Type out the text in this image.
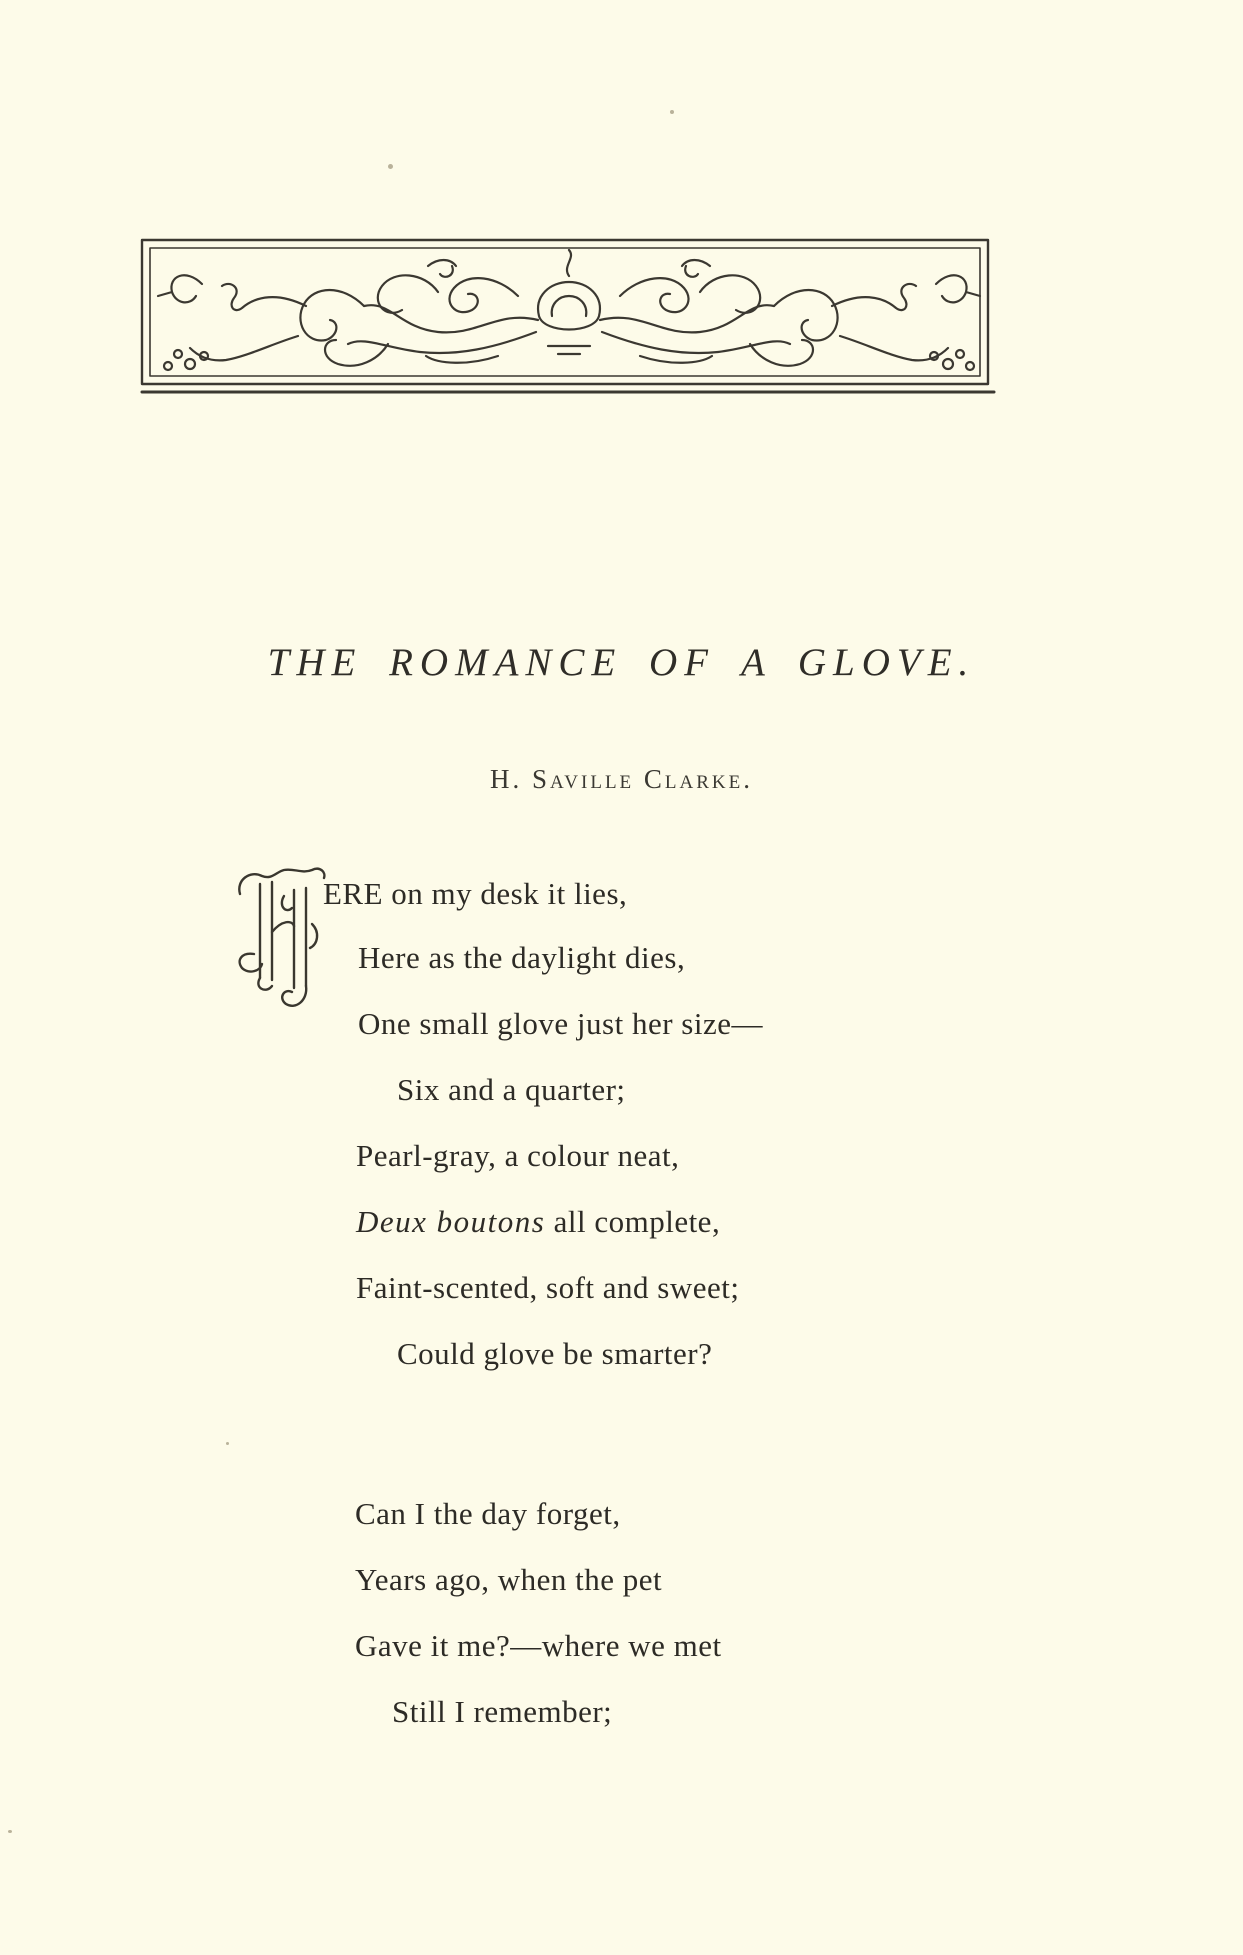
THE ROMANCE OF A GLOVE.
H. Saville Clarke.
ERE on my desk it lies,
Here as the daylight dies,
One small glove just her size—
Six and a quarter;
Pearl-gray, a colour neat,
Deux boutons all complete,
Faint-scented, soft and sweet;
Could glove be smarter?
Can I the day forget,
Years ago, when the pet
Gave it me?—where we met
Still I remember;
